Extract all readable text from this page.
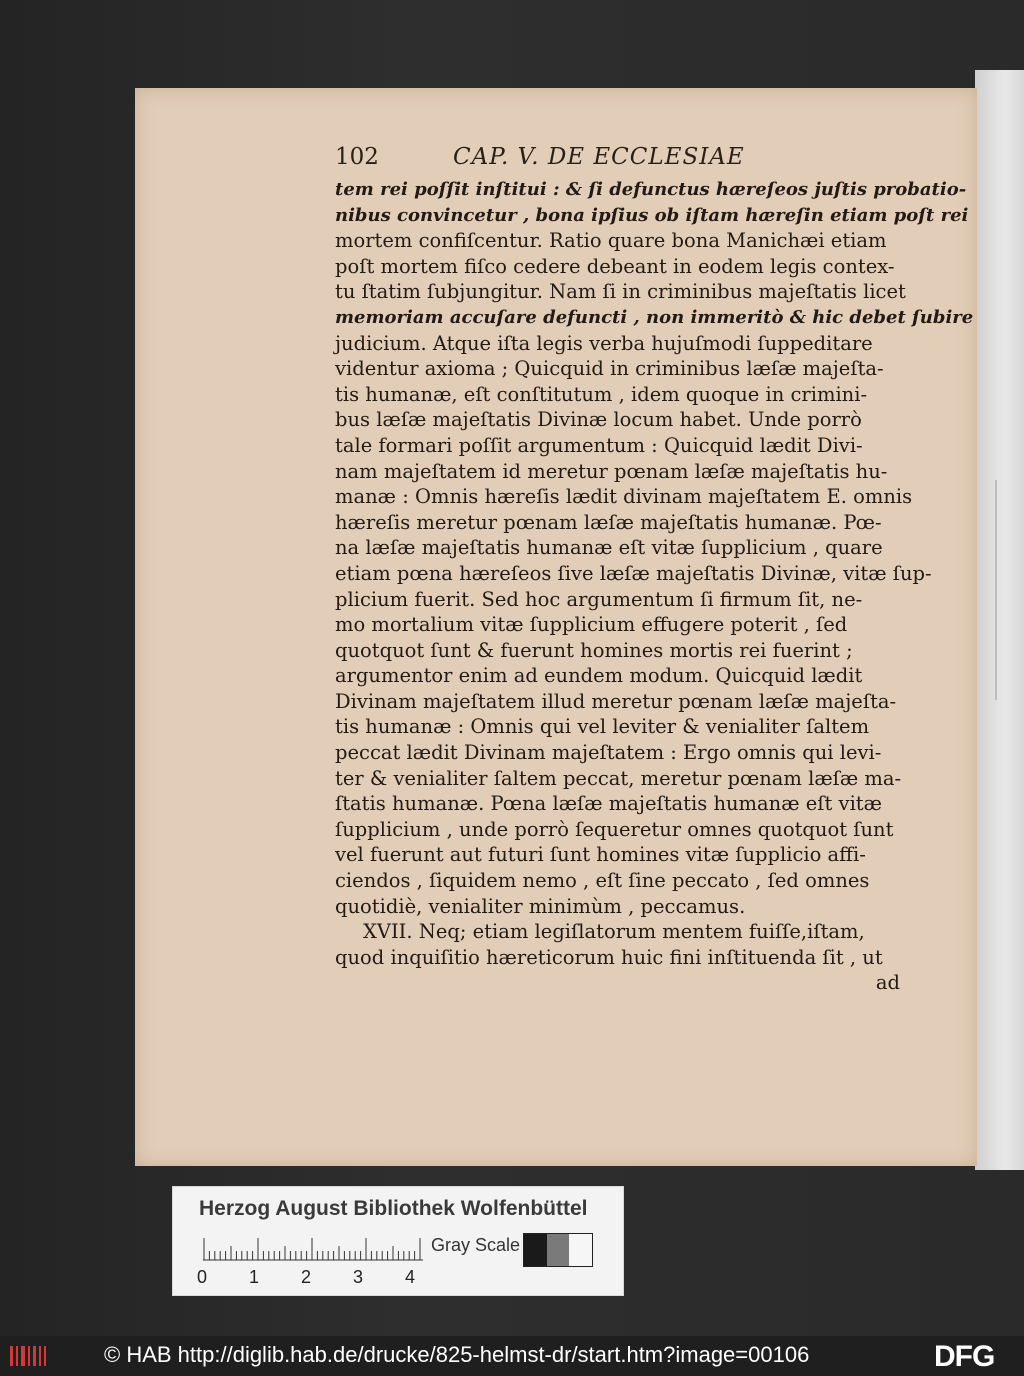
102	CAP. V. DE ECCLESIAE
tem rei poſſit inſtitui : & ſi defunctus hæreſeos juſtis probatio-
nibus convincetur , bona ipſius ob iſtam hæreſin etiam poſt rei
mortem confiſcentur. Ratio quare bona Manichæi etiam
poſt mortem fiſco cedere debeant in eodem legis contex-
tu ſtatim ſubjungitur. Nam ſi in criminibus majeſtatis licet
memoriam accuſare defuncti , non immeritò & hic debet ſubire
judicium. Atque iſta legis verba hujuſmodi ſuppeditare
videntur axioma ; Quicquid in criminibus læſæ majeſta-
tis humanæ, eſt conſtitutum , idem quoque in crimini-
bus læſæ majeſtatis Divinæ locum habet. Unde porrò
tale formari poſſit argumentum : Quicquid lædit Divi-
nam majeſtatem id meretur pœnam læſæ majeſtatis hu-
manæ : Omnis hæreſis lædit divinam majeſtatem E. omnis
hæreſis meretur pœnam læſæ majeſtatis humanæ. Pœ-
na læſæ majeſtatis humanæ eſt vitæ ſupplicium , quare
etiam pœna hæreſeos ſive læſæ majeſtatis Divinæ, vitæ ſup-
plicium fuerit. Sed hoc argumentum ſi firmum ſit, ne-
mo mortalium vitæ ſupplicium effugere poterit , ſed
quotquot ſunt & fuerunt homines mortis rei fuerint ;
argumentor enim ad eundem modum. Quicquid lædit
Divinam majeſtatem illud meretur pœnam læſæ majeſta-
tis humanæ : Omnis qui vel leviter & venialiter ſaltem
peccat lædit Divinam majeſtatem : Ergo omnis qui levi-
ter & venialiter ſaltem peccat, meretur pœnam læſæ ma-
ſtatis humanæ. Pœna læſæ majeſtatis humanæ eſt vitæ
ſupplicium , unde porrò ſequeretur omnes quotquot ſunt
vel fuerunt aut futuri ſunt homines vitæ ſupplicio affi-
ciendos , ſiquidem nemo , eſt ſine peccato , ſed omnes
quotidiè, venialiter minimùm , peccamus.
XVII. Neq; etiam legiſlatorum mentem fuiſſe,iſtam,
quod inquiſitio hæreticorum huic fini inſtituenda ſit , ut
ad
Herzog August Bibliothek Wolfenbüttel
0 1 2 3 4
Gray Scale
© HAB http://diglib.hab.de/drucke/825-helmst-dr/start.htm?image=00106	DFG
